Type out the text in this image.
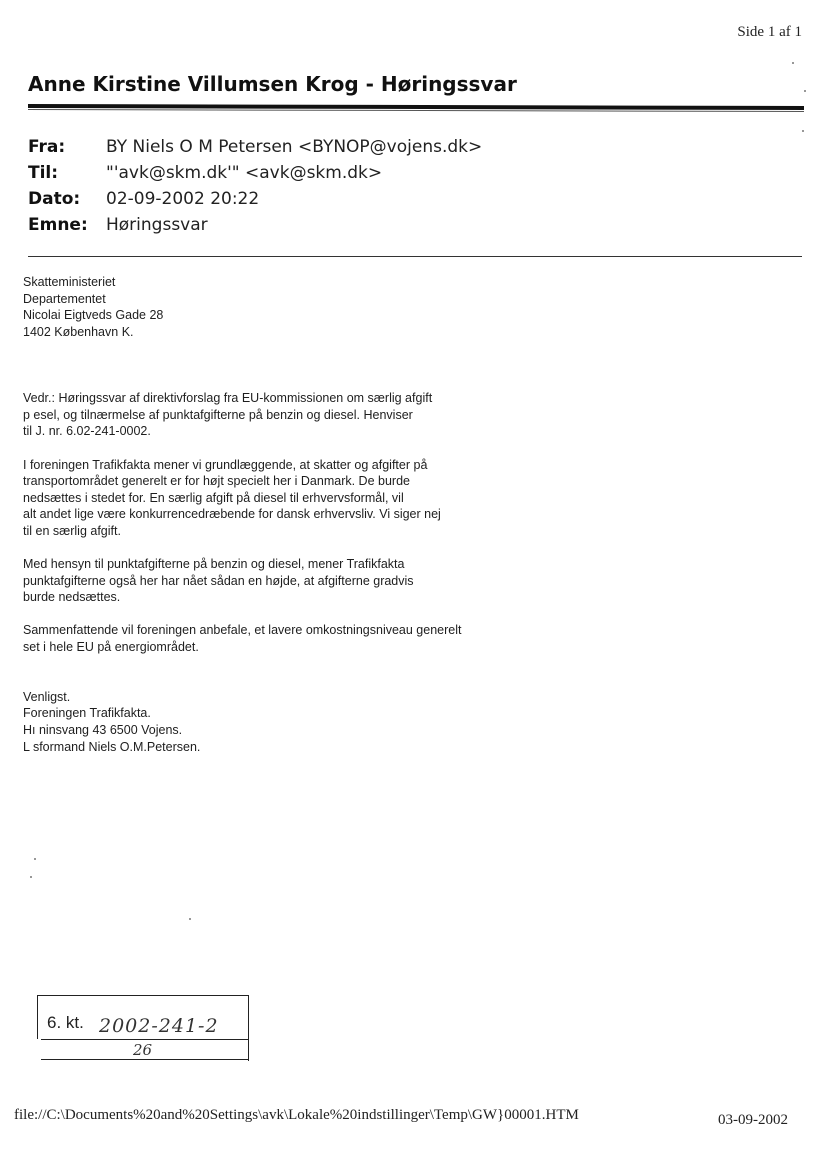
Side 1 af 1
Anne Kirstine Villumsen Krog - Høringssvar
Fra:	BY Niels O M Petersen <BYNOP@vojens.dk>
Til:	"'avk@skm.dk'" <avk@skm.dk>
Dato:	02-09-2002 20:22
Emne:	Høringssvar
Skatteministeriet
Departementet
Nicolai Eigtveds Gade 28
1402 København K.
Vedr.: Høringssvar af direktivforslag fra EU-kommissionen om særlig afgift
p esel, og tilnærmelse af punktafgifterne på benzin og diesel. Henviser
til J. nr. 6.02-241-0002.
I foreningen Trafikfakta mener vi grundlæggende, at skatter og afgifter på
transportområdet generelt er for højt specielt her i Danmark. De burde
nedsættes i stedet for. En særlig afgift på diesel til erhvervsformål, vil
alt andet lige være konkurrencedræbende for dansk erhvervsliv. Vi siger nej
til en særlig afgift.
Med hensyn til punktafgifterne på benzin og diesel, mener Trafikfakta
punktafgifterne også her har nået sådan en højde, at afgifterne gradvis
burde nedsættes.
Sammenfattende vil foreningen anbefale, et lavere omkostningsniveau generelt
set i hele EU på energiområdet.
Venligst.
Foreningen Trafikfakta.
Hı ninsvang 43 6500 Vojens.
L sformand Niels O.M.Petersen.
6. kt. 2002-241-2
26
file://C:\Documents%20and%20Settings\avk\Lokale%20indstillinger\Temp\GW}00001.HTM	03-09-2002
